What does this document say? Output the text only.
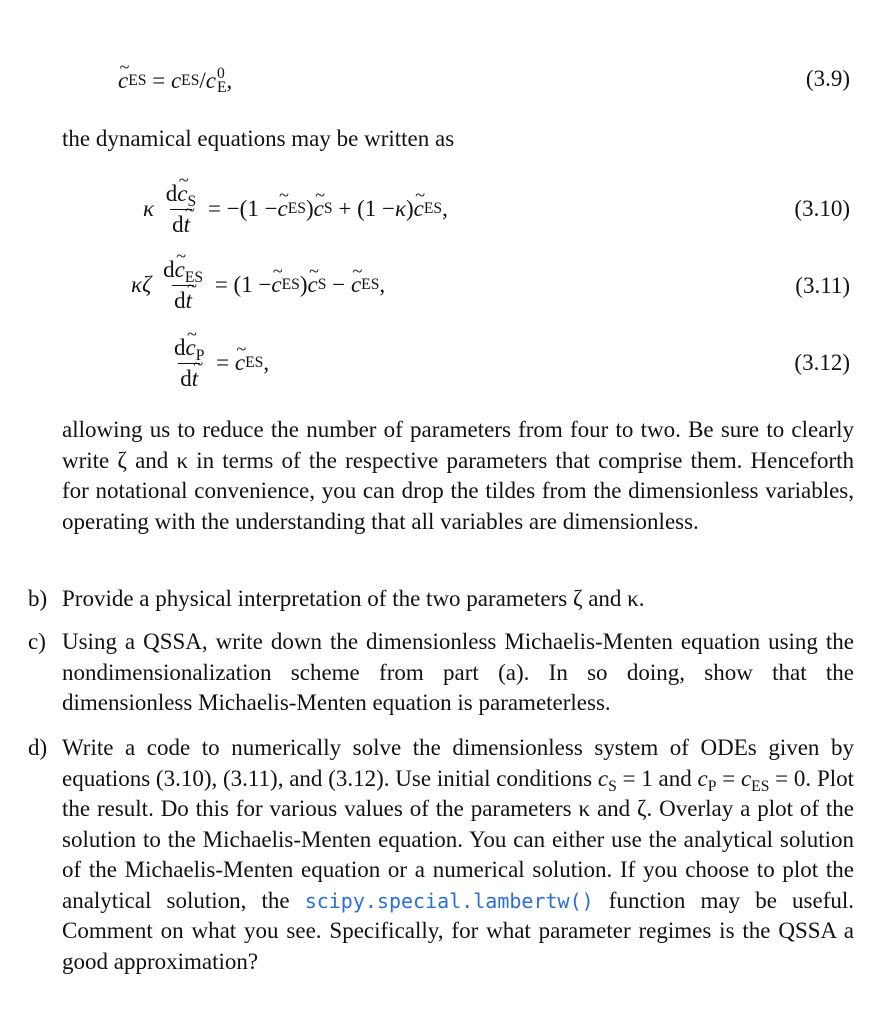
~ c ES = c ES / c 0
E ,	(3.9)
the dynamical equations may be written as
κ
$\frac{d\sim c_S}{d\sim t} = -(1$ − ~ c ES ) ~ c S + (1 − κ ) ~ c ES ,	(3.10)
κζ
$\frac{d\sim c_{ES}}{d\sim t} = (1$ − ~ c ES ) ~ c S − ~ c ES ,	(3.11)
$\frac{d\sim c_P}{d\sim t}$ = ~ c ES ,	(3.12)
allowing us to reduce the number of parameters from four to two. Be sure to clearly write ζ and κ in terms of the respective parameters that comprise them. Henceforth for notational convenience, you can drop the tildes from the dimensionless variables, operating with the understanding that all variables are dimensionless.
b) Provide a physical interpretation of the two parameters ζ and κ.
c) Using a QSSA, write down the dimensionless Michaelis-Menten equation using the nondimensionalization scheme from part (a). In so doing, show that the dimensionless Michaelis-Menten equation is parameterless.
d) Write a code to numerically solve the dimensionless system of ODEs given by equations (3.10), (3.11), and (3.12). Use initial conditions $c_S = 1$ and $c_P = c_{ES} = 0$. Plot the result. Do this for various values of the parameters κ and ζ. Overlay a plot of the solution to the Michaelis-Menten equation. You can either use the analytical solution of the Michaelis-Menten equation or a numerical solution. If you choose to plot the analytical solution, the scipy.special.lambertw() function may be useful. Comment on what you see. Specifically, for what parameter regimes is the QSSA a good approximation?
